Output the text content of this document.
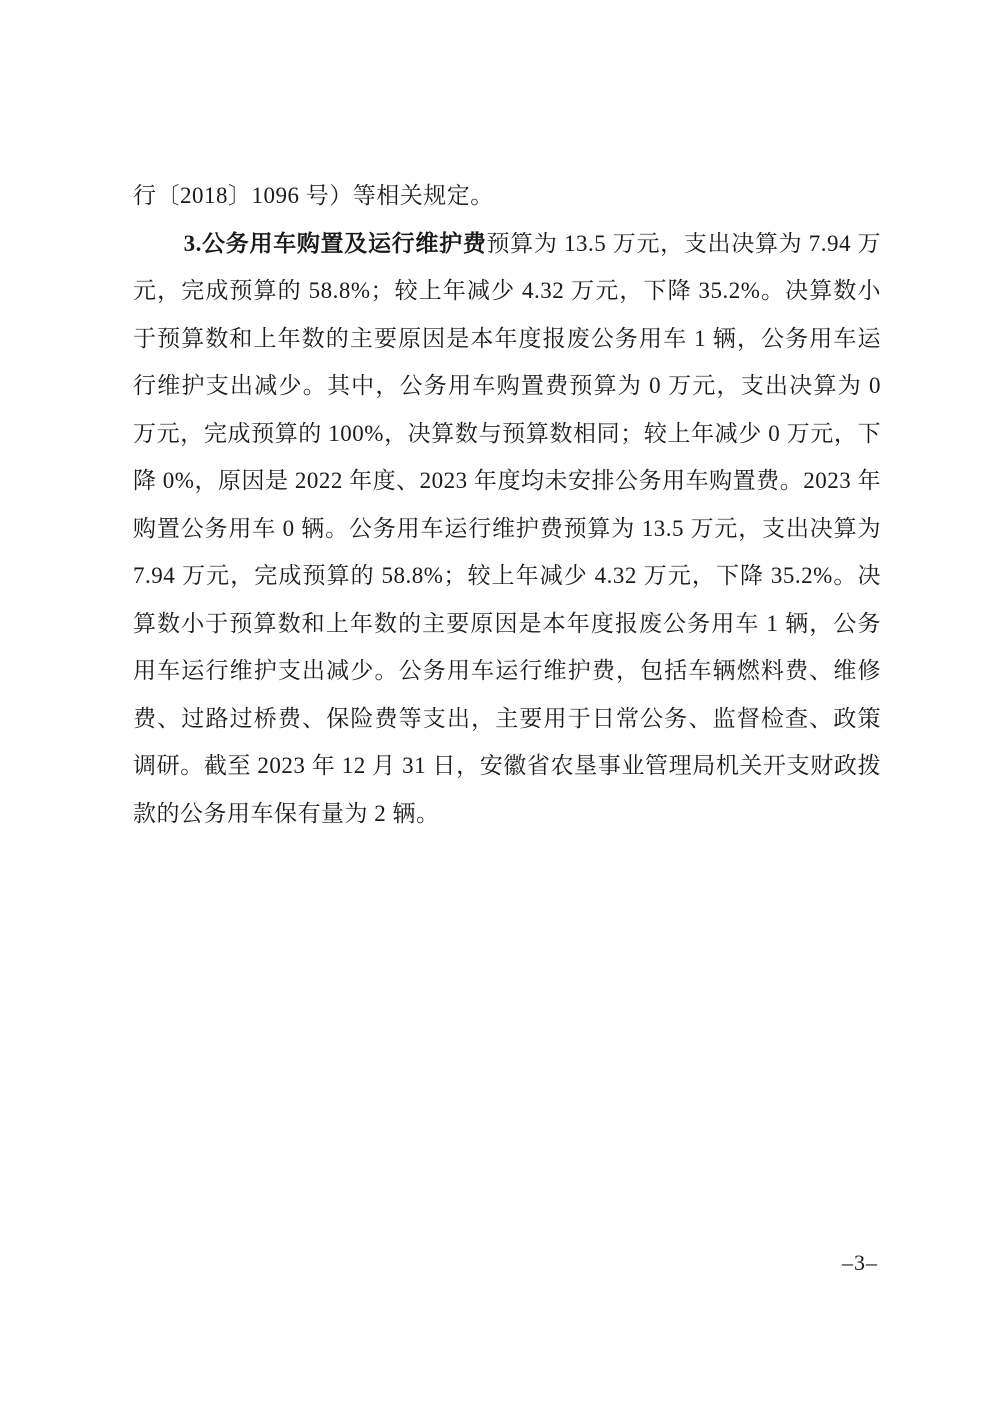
行〔2018〕1096 号）等相关规定。

3.公务用车购置及运行维护费预算为 13.5 万元，支出决算为 7.94 万元，完成预算的 58.8%；较上年减少 4.32 万元，下降 35.2%。决算数小于预算数和上年数的主要原因是本年度报废公务用车 1 辆，公务用车运行维护支出减少。其中，公务用车购置费预算为 0 万元，支出决算为 0 万元，完成预算的 100%，决算数与预算数相同；较上年减少 0 万元，下降 0%，原因是 2022 年度、2023 年度均未安排公务用车购置费。2023 年购置公务用车 0 辆。公务用车运行维护费预算为 13.5 万元，支出决算为 7.94 万元，完成预算的 58.8%；较上年减少 4.32 万元，下降 35.2%。决算数小于预算数和上年数的主要原因是本年度报废公务用车 1 辆，公务用车运行维护支出减少。公务用车运行维护费，包括车辆燃料费、维修费、过路过桥费、保险费等支出，主要用于日常公务、监督检查、政策调研。截至 2023 年 12 月 31 日，安徽省农垦事业管理局机关开支财政拨款的公务用车保有量为 2 辆。

–3–
